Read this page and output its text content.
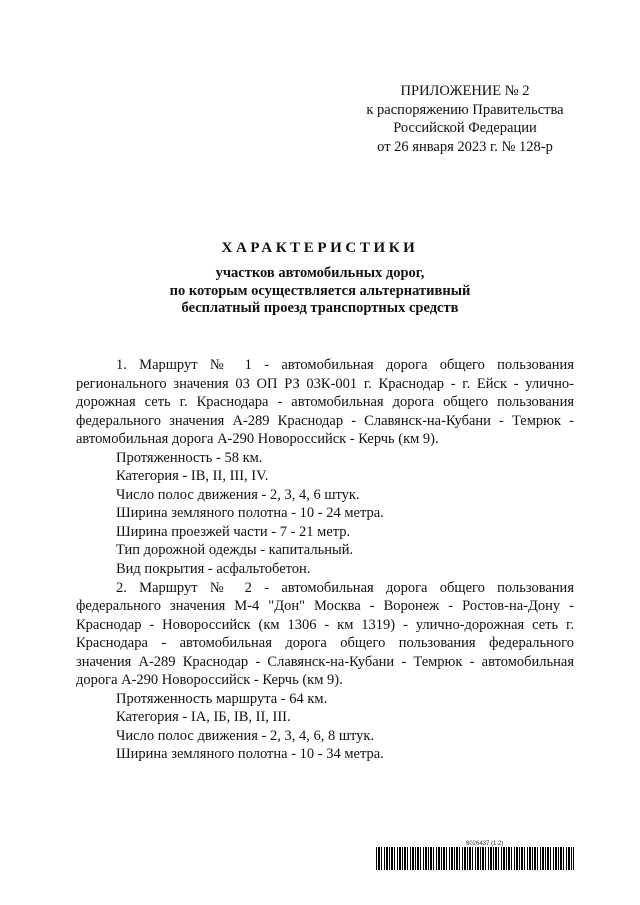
ПРИЛОЖЕНИЕ № 2
к распоряжению Правительства
Российской Федерации
от 26 января 2023 г. № 128-р
ХАРАКТЕРИСТИКИ
участков автомобильных дорог,
по которым осуществляется альтернативный
бесплатный проезд транспортных средств

1. Маршрут № 1 - автомобильная дорога общего пользования регионального значения 03 ОП РЗ 03К-001 г. Краснодар - г. Ейск - улично-дорожная сеть г. Краснодара - автомобильная дорога общего пользования федерального значения А-289 Краснодар - Славянск-на-Кубани - Темрюк - автомобильная дорога А-290 Новороссийск - Керчь (км 9).

Протяженность - 58 км.

Категория - IB, II, III, IV.

Число полос движения - 2, 3, 4, 6 штук.

Ширина земляного полотна - 10 - 24 метра.

Ширина проезжей части - 7 - 21 метр.

Тип дорожной одежды - капитальный.

Вид покрытия - асфальтобетон.

2. Маршрут № 2 - автомобильная дорога общего пользования федерального значения М-4 "Дон" Москва - Воронеж - Ростов-на-Дону - Краснодар - Новороссийск (км 1306 - км 1319) - улично-дорожная сеть г. Краснодара - автомобильная дорога общего пользования федерального значения А-289 Краснодар - Славянск-на-Кубани - Темрюк - автомобильная дорога А-290 Новороссийск - Керчь (км 9).

Протяженность маршрута - 64 км.

Категория - IA, IБ, IB, II, III.

Число полос движения - 2, 3, 4, 6, 8 штук.

Ширина земляного полотна - 10 - 34 метра.

6026437 (1.2)
